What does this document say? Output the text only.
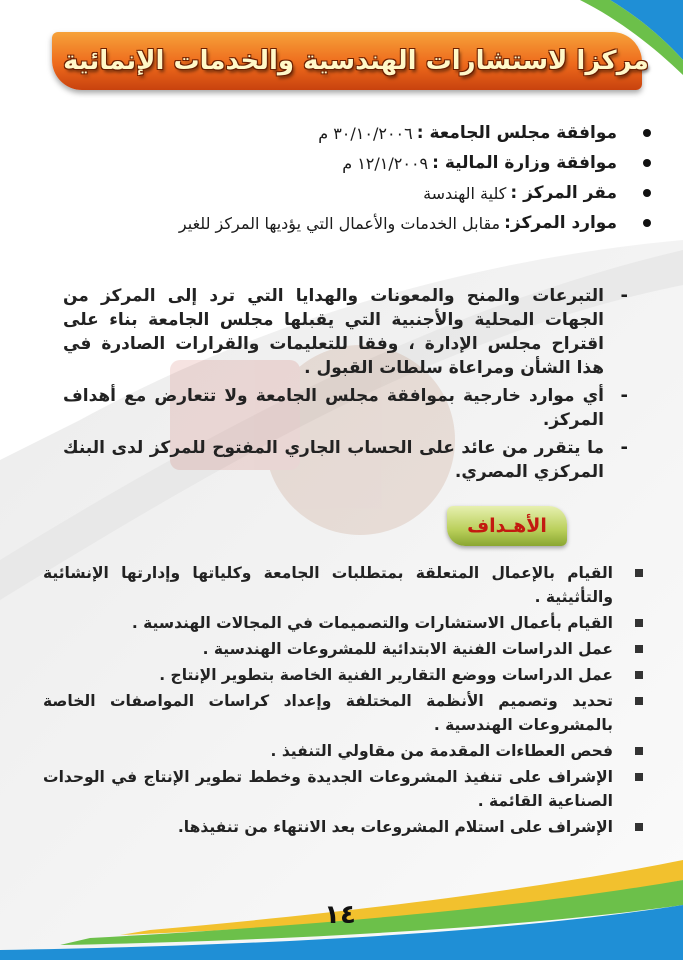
مركزا لاستشارات الهندسية والخدمات الإنمائية
موافقة مجلس الجامعة :
٣٠/١٠/٢٠٠٦ م
موافقة وزارة المالية :
١٢/١/٢٠٠٩ م
مقر المركز :
كلية الهندسة
موارد المركز:
مقابل الخدمات والأعمال التي يؤديها المركز للغير
-
التبرعات والمنح والمعونات والهدايا التي ترد إلى المركز من الجهات المحلية والأجنبية التي يقبلها مجلس الجامعة بناء على اقتراح مجلس الإدارة ، وفقا للتعليمات والقرارات الصادرة في هذا الشأن ومراعاة سلطات القبول .
-
أي موارد خارجية بموافقة مجلس الجامعة ولا تتعارض مع أهداف المركز.
-
ما يتقرر من عائد على الحساب الجاري المفتوح للمركز لدى البنك المركزي المصري.
الأهـداف
القيام بالإعمال المتعلقة بمتطلبات الجامعة وكلياتها وإدارتها الإنشائية والتأثيثية .
القيام بأعمال الاستشارات والتصميمات في المجالات الهندسية .
عمل الدراسات الفنية الابتدائية للمشروعات الهندسية .
عمل الدراسات ووضع التقارير الفنية الخاصة بتطوير الإنتاج .
تحديد وتصميم الأنظمة المختلفة وإعداد كراسات المواصفات الخاصة بالمشروعات الهندسية .
فحص العطاءات المقدمة من مقاولي التنفيذ .
الإشراف على تنفيذ المشروعات الجديدة وخطط تطوير الإنتاج في الوحدات الصناعية القائمة .
الإشراف على استلام المشروعات بعد الانتهاء من تنفيذها.
١٤
